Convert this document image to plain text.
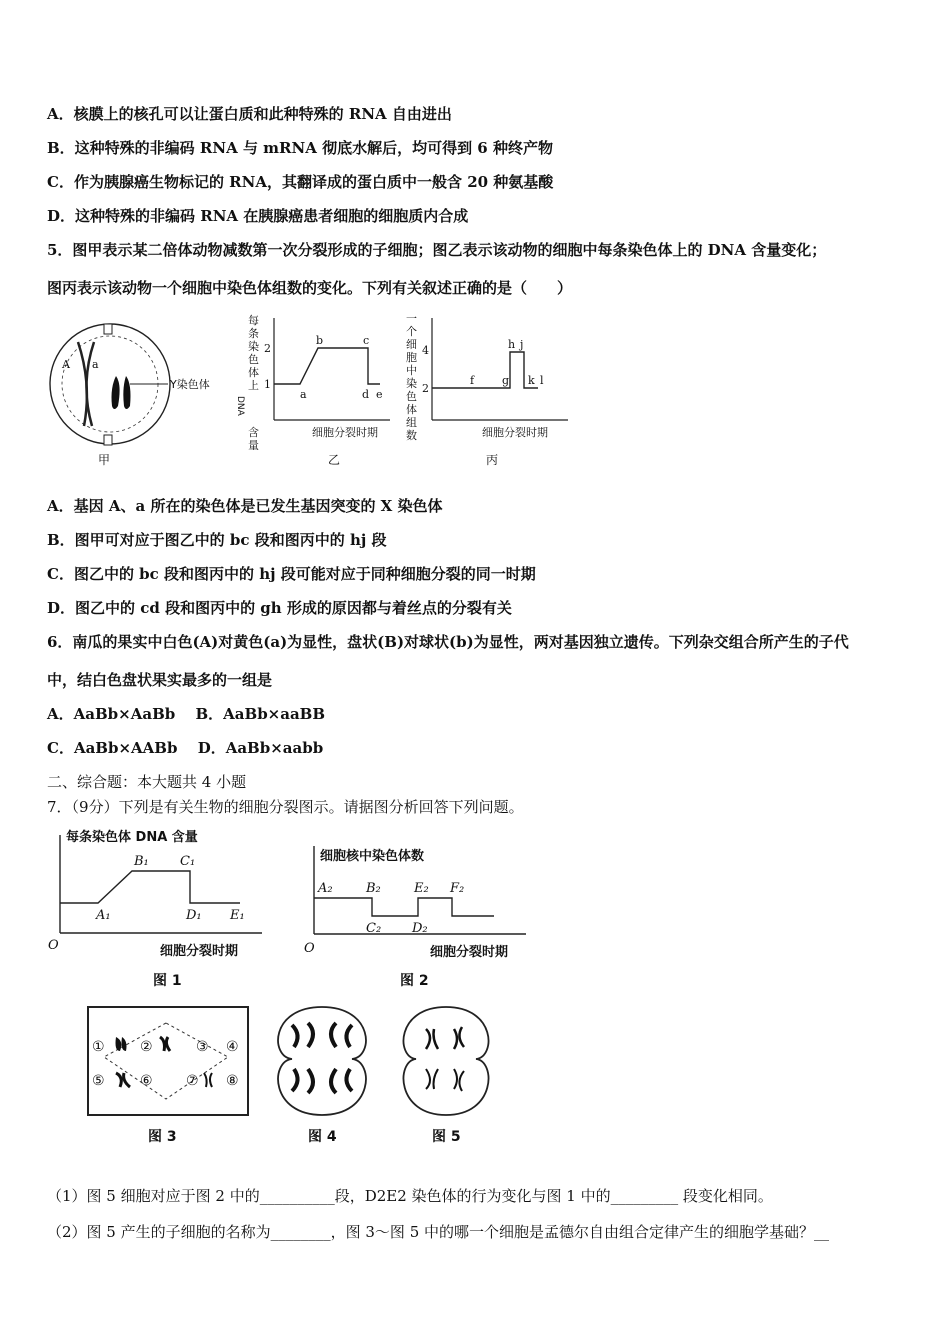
A．核膜上的核孔可以让蛋白质和此种特殊的 RNA 自由进出
B．这种特殊的非编码 RNA 与 mRNA 彻底水解后，均可得到 6 种终产物
C．作为胰腺癌生物标记的 RNA，其翻译成的蛋白质中一般含 20 种氨基酸
D．这种特殊的非编码 RNA 在胰腺癌患者细胞的细胞质内合成
5．图甲表示某二倍体动物减数第一次分裂形成的子细胞；图乙表示该动物的细胞中每条染色体上的 DNA 含量变化；
图丙表示该动物一个细胞中染色体组数的变化。下列有关叙述正确的是（　　）
A a
Y染色体
甲
每
条
染
色
体
上
DNA
含
量
2
1
a
b	c
d e
细胞分裂时期
乙
一
个
细
胞
中
染
色
体
组
数
4
2
f	g
h j
k l
细胞分裂时期
丙
A．基因 A、a 所在的染色体是已发生基因突变的 X 染色体
B．图甲可对应于图乙中的 bc 段和图丙中的 hj 段
C．图乙中的 bc 段和图丙中的 hj 段可能对应于同种细胞分裂的同一时期
D．图乙中的 cd 段和图丙中的 gh 形成的原因都与着丝点的分裂有关
6．南瓜的果实中白色(A)对黄色(a)为显性，盘状(B)对球状(b)为显性，两对基因独立遗传。下列杂交组合所产生的子代
中，结白色盘状果实最多的一组是
A．AaBb×AaBb　 B．AaBb×aaBB
C．AaBb×AABb　 D．AaBb×aabb
二、综合题：本大题共 4 小题
7．（9分）下列是有关生物的细胞分裂图示。请据图分析回答下列问题。
每条染色体 DNA 含量
A₁
B₁ C₁
D₁ E₁
O	细胞分裂时期
图 1
细胞核中染色体数
A₂	B₂
C₂ D₂
E₂ F₂
O	细胞分裂时期
图 2
①	②	③ ④
⑤	⑥ ⑦ ⑧
图 3	图 4	图 5
（1）图 5 细胞对应于图 2 中的__________段，D2E2 染色体的行为变化与图 1 中的_________ 段变化相同。
（2）图 5 产生的子细胞的名称为________，图 3～图 5 中的哪一个细胞是孟德尔自由组合定律产生的细胞学基础？__
